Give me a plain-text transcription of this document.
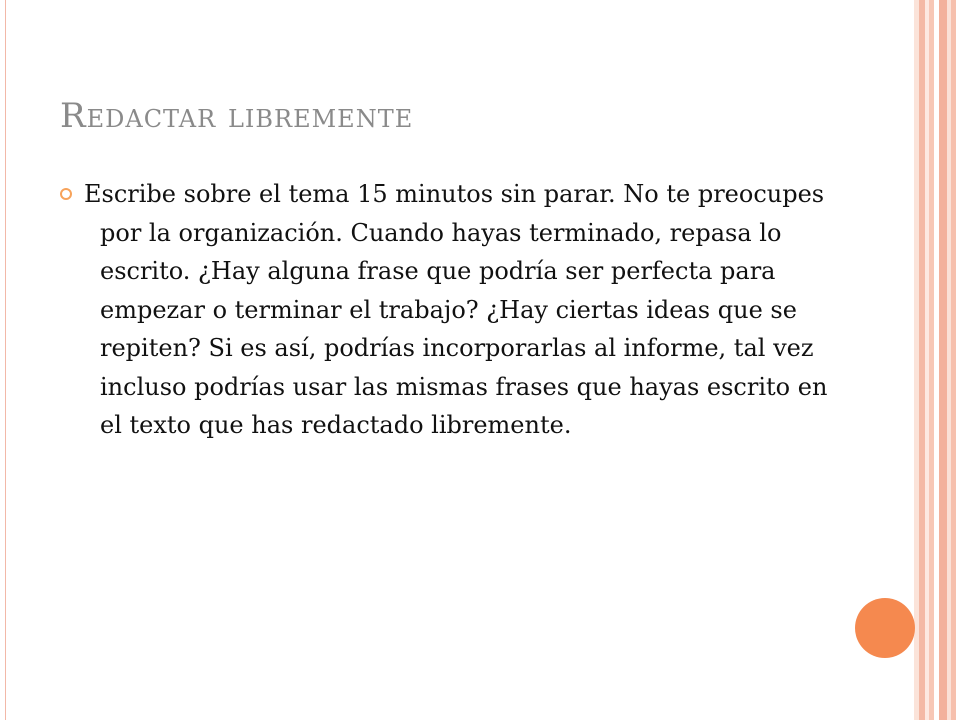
Redactar libremente
Escribe sobre el tema 15 minutos sin parar. No te preocupes por la organización. Cuando hayas terminado, repasa lo escrito. ¿Hay alguna frase que podría ser perfecta para empezar o terminar el trabajo? ¿Hay ciertas ideas que se repiten? Si es así, podrías incorporarlas al informe, tal vez incluso podrías usar las mismas frases que hayas escrito en el texto que has redactado libremente.
